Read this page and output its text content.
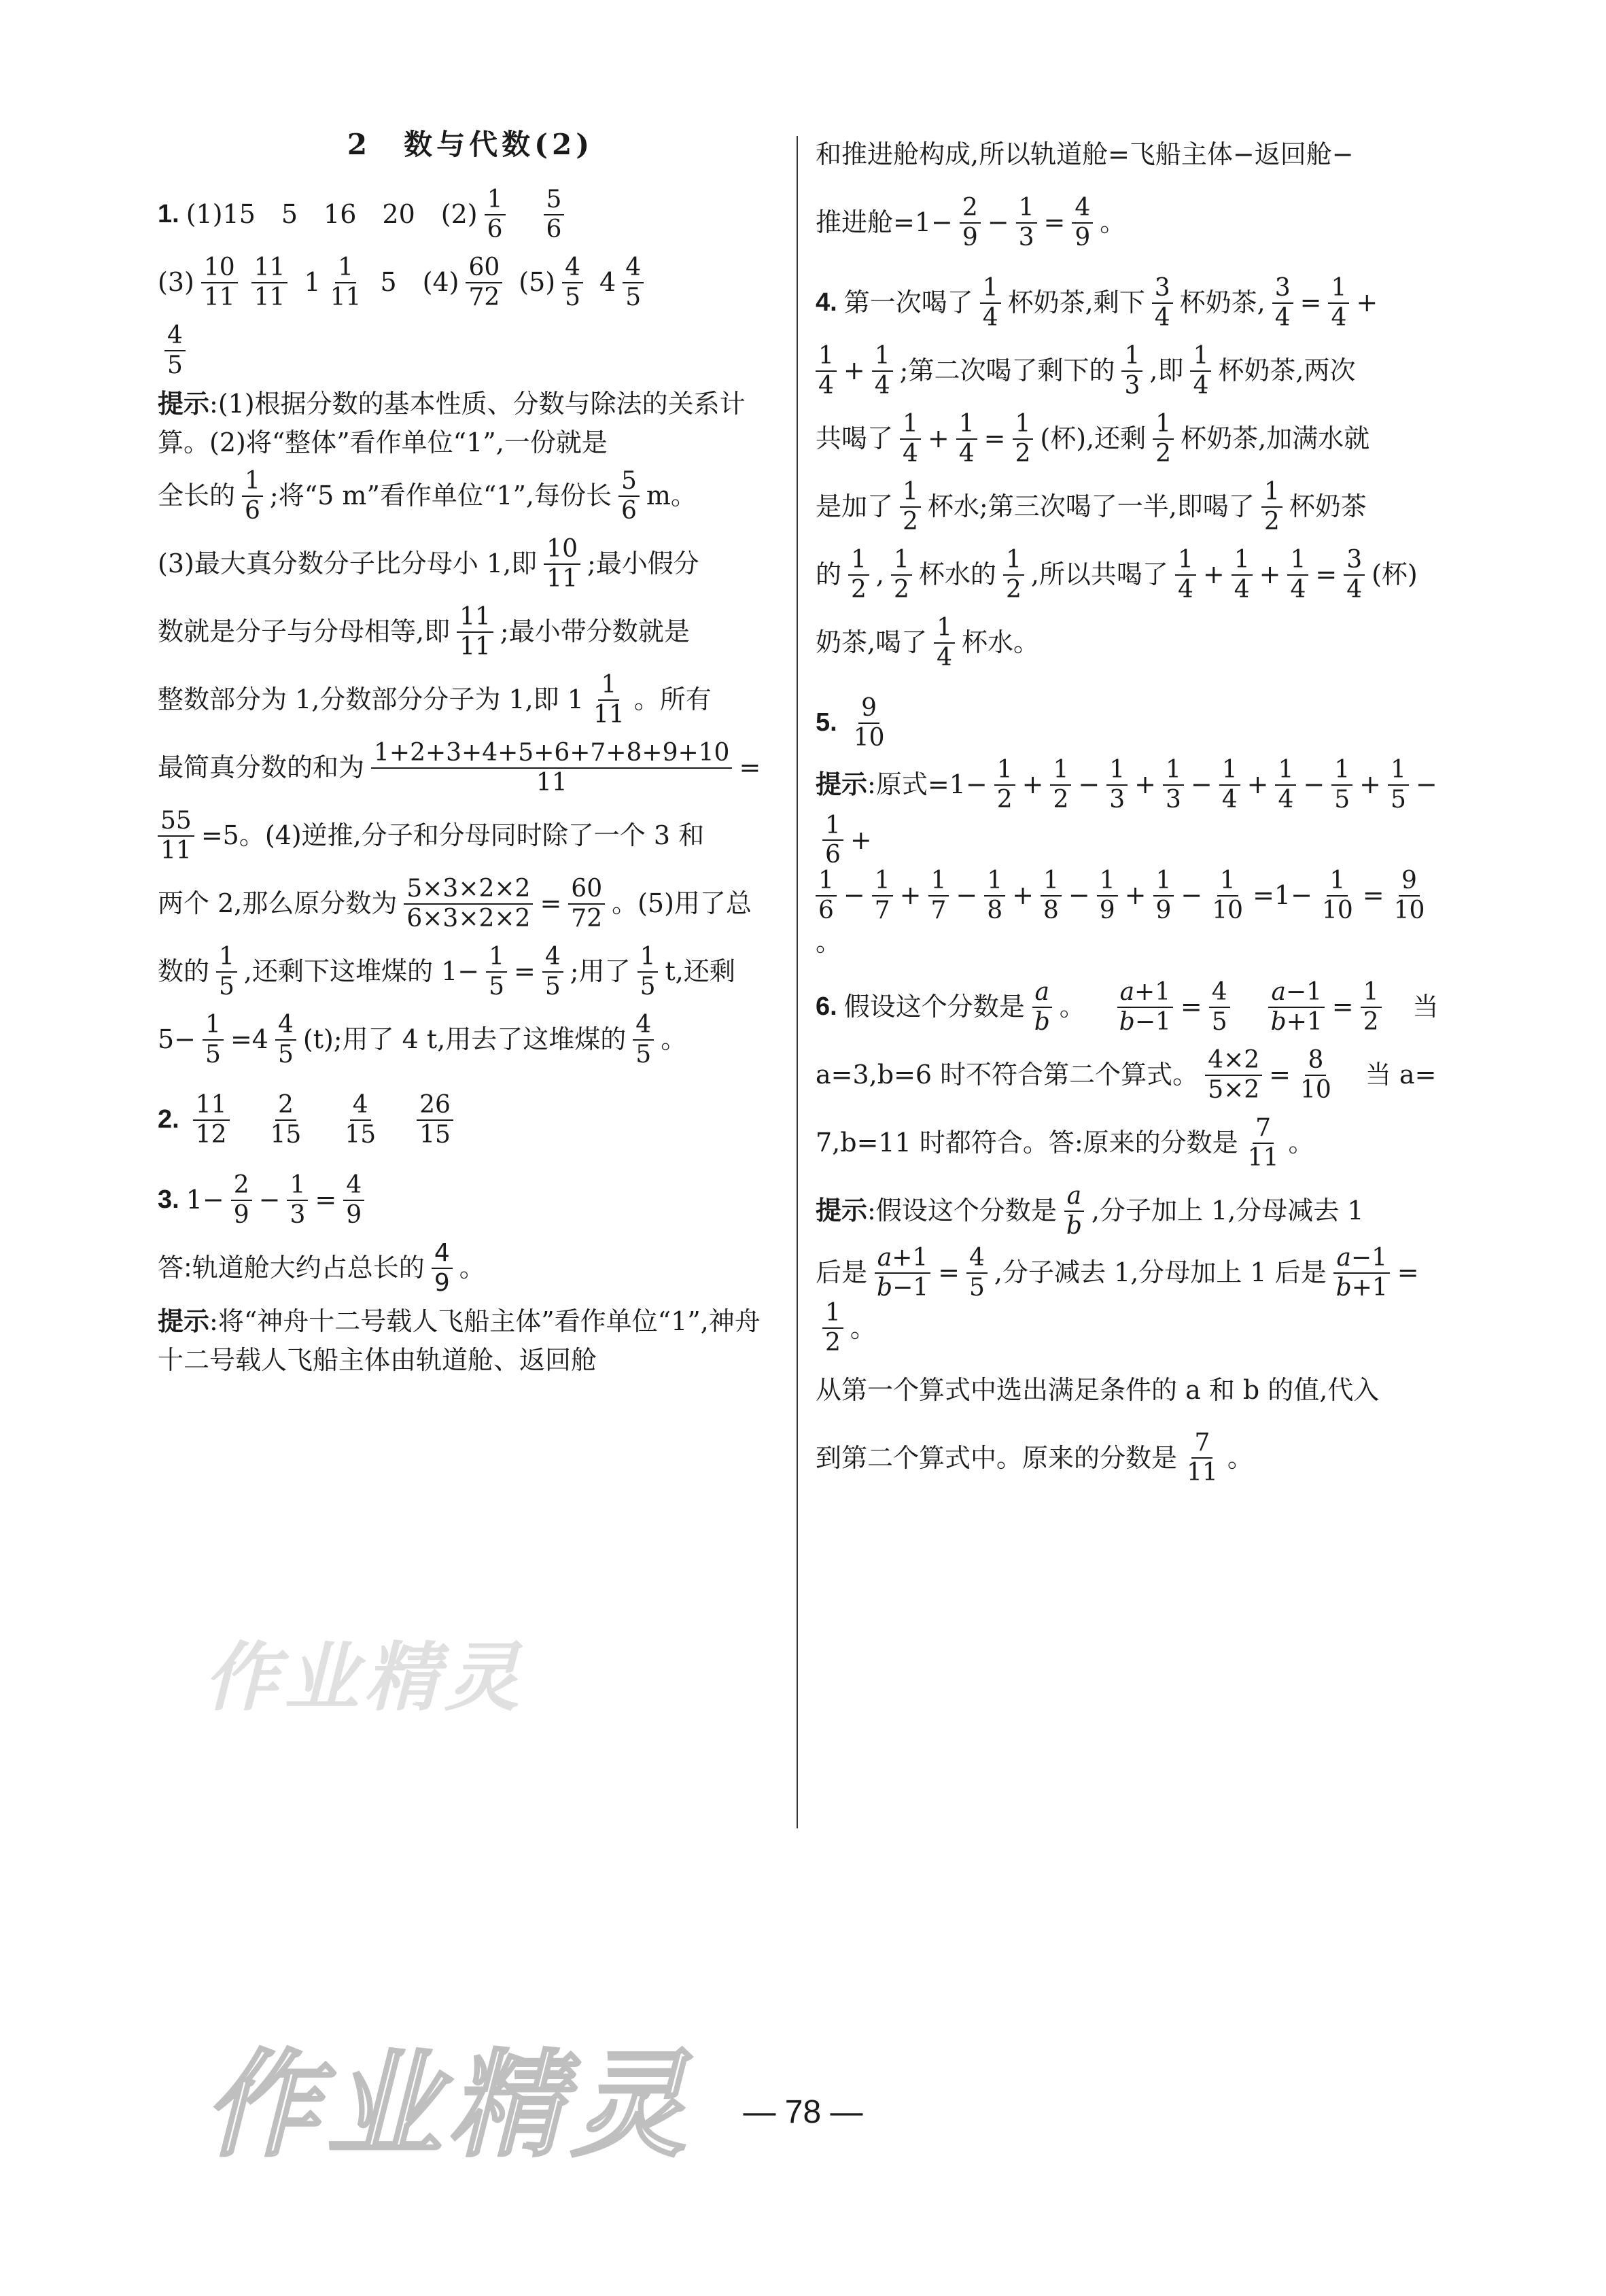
2　数与代数(2)
1. (1)15　5　16　20　$(2) \frac{1}{6} \frac{5}{6}$
$(3) \frac{10}{11} \frac{11}{11} 1 \frac{1}{11} 5$　$(4) \frac{60}{72} (5) \frac{4}{5} 4 \frac{4}{5}$
$\frac{4}{5}$
提示:(1)根据分数的基本性质、分数与除法的关系计算。(2)将“整体”看作单位“1”,一份就是
全长的 $\frac{1}{6}$ ;将“5 m”看作单位“1”,每份长 $\frac{5}{6}$ m。
(3)最大真分数分子比分母小 1,即 $\frac{10}{11}$ ;最小假分
数就是分子与分母相等,即 $\frac{11}{11}$ ;最小带分数就是
整数部分为 1,分数部分分子为 1,即 $1 \frac{1}{11}$ 。所有
最简真分数的和为 $\frac{1+2+3+4+5+6+7+8+9+10}{11}$ =
$\frac{55}{11} =5$。(4)逆推,分子和分母同时除了一个 3 和
两个 2,那么原分数为 $\frac{5\times 3\times 2\times 2}{6\times 3\times 2\times 2} = \frac{60}{72}$ 。(5)用了总
数的 $\frac{1}{5}$ ,还剩下这堆煤的 $1- \frac{1}{5} = \frac{4}{5}$ ;用了 $\frac{1}{5} t$,还剩
$5- \frac{1}{5} =4 \frac{4}{5} (t)$;用了 4 t,用去了这堆煤的 $\frac{4}{5}$ 。
2. $\frac{11}{12} \frac{2}{15} \frac{4}{15} \frac{26}{15}$
3. $1- \frac{2}{9} - \frac{1}{3} = \frac{4}{9}$
答:轨道舱大约占总长的 $\frac{4}{9}$ 。
提示:将“神舟十二号载人飞船主体”看作单位“1”,神舟十二号载人飞船主体由轨道舱、返回舱
和推进舱构成,所以轨道舱=飞船主体−返回舱−
推进舱$=1- \frac{2}{9} - \frac{1}{3} = \frac{4}{9}$ 。
4. 第一次喝了 $\frac{1}{4}$ 杯奶茶,剩下 $\frac{3}{4}$ 杯奶茶, $\frac{3}{4} = \frac{1}{4}$ +
$\frac{1}{4} + \frac{1}{4}$ ;第二次喝了剩下的 $\frac{1}{3}$ ,即 $\frac{1}{4}$ 杯奶茶,两次
共喝了 $\frac{1}{4} + \frac{1}{4} = \frac{1}{2}$ (杯),还剩 $\frac{1}{2}$ 杯奶茶,加满水就
是加了 $\frac{1}{2}$ 杯水;第三次喝了一半,即喝了 $\frac{1}{2}$ 杯奶茶
的 $\frac{1}{2}$ , $\frac{1}{2}$ 杯水的 $\frac{1}{2}$ ,所以共喝了 $\frac{1}{4} + \frac{1}{4} + \frac{1}{4} = \frac{3}{4}$ (杯)
奶茶,喝了 $\frac{1}{4}$ 杯水。
5. $\frac{9}{10}$
提示 :原式$=1- \frac{1}{2} + \frac{1}{2} - \frac{1}{3} + \frac{1}{3} - \frac{1}{4} + \frac{1}{4} - \frac{1}{5} + \frac{1}{5}$ −
$\frac{1}{6}$ +
$\frac{1}{6} - \frac{1}{7} + \frac{1}{7} - \frac{1}{8} + \frac{1}{8} - \frac{1}{9} + \frac{1}{9} - \frac{1}{10} =1- \frac{1}{10} = \frac{9}{10}$
。
6. 假设这个分数是 $\frac{a}{b}$ 。 $\frac{a+1}{b-1} = \frac{4}{5} \frac{a-1}{b+1} = \frac{1}{2}$ 当
a=3,b=6 时不符合第二个算式。 $\frac{4\times 2}{5\times 2} = \frac{8}{10}$ 当 a=
7,b=11 时都符合。答:原来的分数是 $\frac{7}{11}$ 。
提示 :假设这个分数是 $\frac{a}{b}$ ,分子加上 1,分母减去 1
后是 $\frac{a+1}{b-1} = \frac{4}{5}$ ,分子减去 1,分母加上 1 后是 $\frac{a-1}{b+1}$ =
$\frac{1}{2}$ 。
从第一个算式中选出满足条件的 a 和 b 的值,代入
到第二个算式中。原来的分数是 $\frac{7}{11}$ 。
作业精灵
作业精灵	— 78 —
